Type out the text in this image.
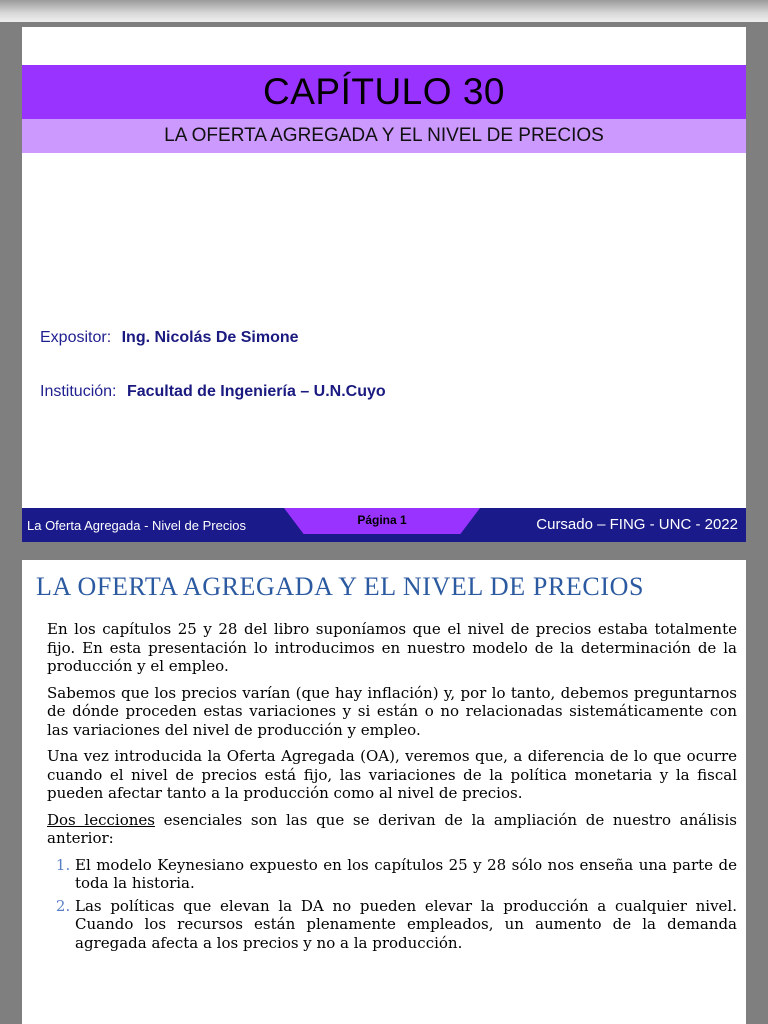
CAPÍTULO 30
LA OFERTA AGREGADA Y EL NIVEL DE PRECIOS
Expositor: Ing. Nicolás De Simone
Institución: Facultad de Ingeniería – U.N.Cuyo
La Oferta Agregada - Nivel de Precios	Página 1	Cursado – FING - UNC - 2022
LA OFERTA AGREGADA Y EL NIVEL DE PRECIOS

En los capítulos 25 y 28 del libro suponíamos que el nivel de precios estaba totalmente fijo. En esta presentación lo introducimos en nuestro modelo de la determinación de la producción y el empleo.

Sabemos que los precios varían (que hay inflación) y, por lo tanto, debemos preguntarnos de dónde proceden estas variaciones y si están o no relacionadas sistemáticamente con las variaciones del nivel de producción y empleo.

Una vez introducida la Oferta Agregada (OA), veremos que, a diferencia de lo que ocurre cuando el nivel de precios está fijo, las variaciones de la política monetaria y la fiscal pueden afectar tanto a la producción como al nivel de precios.

Dos lecciones esenciales son las que se derivan de la ampliación de nuestro análisis anterior:

1. El modelo Keynesiano expuesto en los capítulos 25 y 28 sólo nos enseña una parte de toda la historia.
2. Las políticas que elevan la DA no pueden elevar la producción a cualquier nivel. Cuando los recursos están plenamente empleados, un aumento de la demanda agregada afecta a los precios y no a la producción.
